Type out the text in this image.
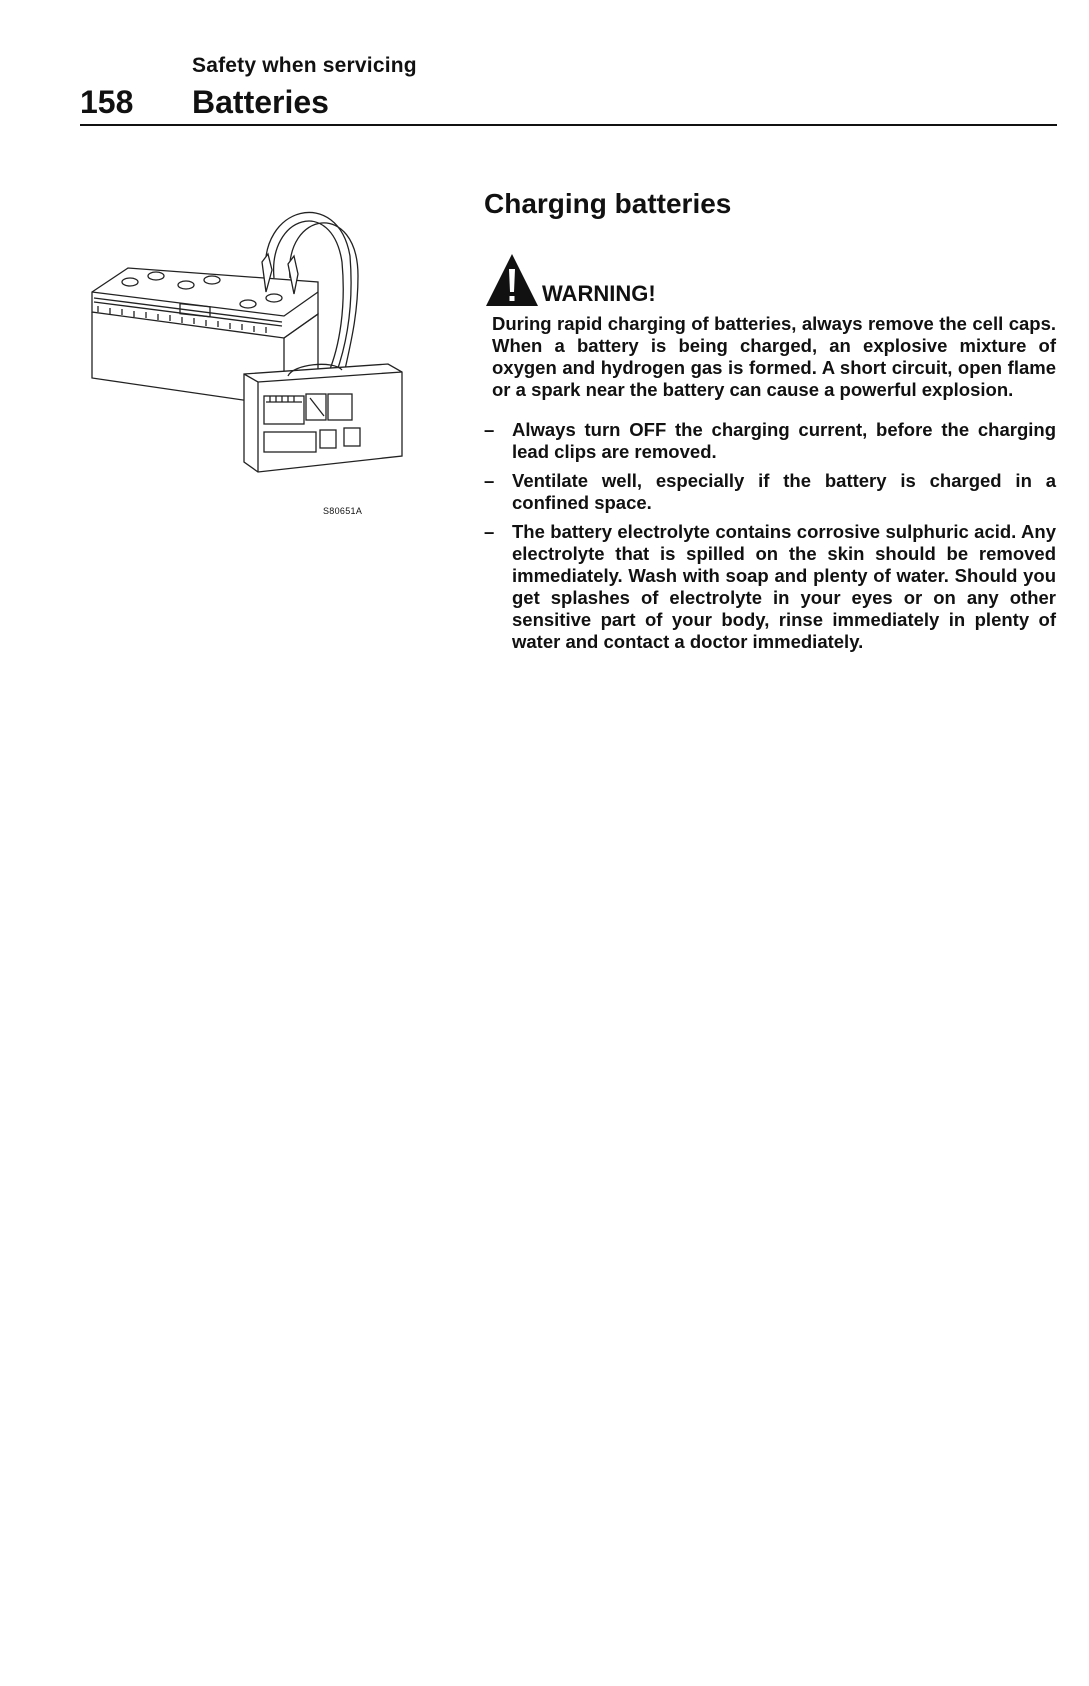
Safety when servicing
158 Batteries
S80651A
Charging batteries
WARNING!

During rapid charging of batteries, always remove the cell caps. When a battery is being charged, an explosive mixture of oxygen and hydrogen gas is formed. A short circuit, open flame or a spark near the battery can cause a powerful explosion.

– Always turn OFF the charging current, before the charging lead clips are removed.
– Ventilate well, especially if the battery is charged in a confined space.
– The battery electrolyte contains corrosive sulphuric acid. Any electrolyte that is spilled on the skin should be removed immediately. Wash with soap and plenty of water. Should you get splashes of electrolyte in your eyes or on any other sensitive part of your body, rinse immediately in plenty of water and contact a doctor immediately.
